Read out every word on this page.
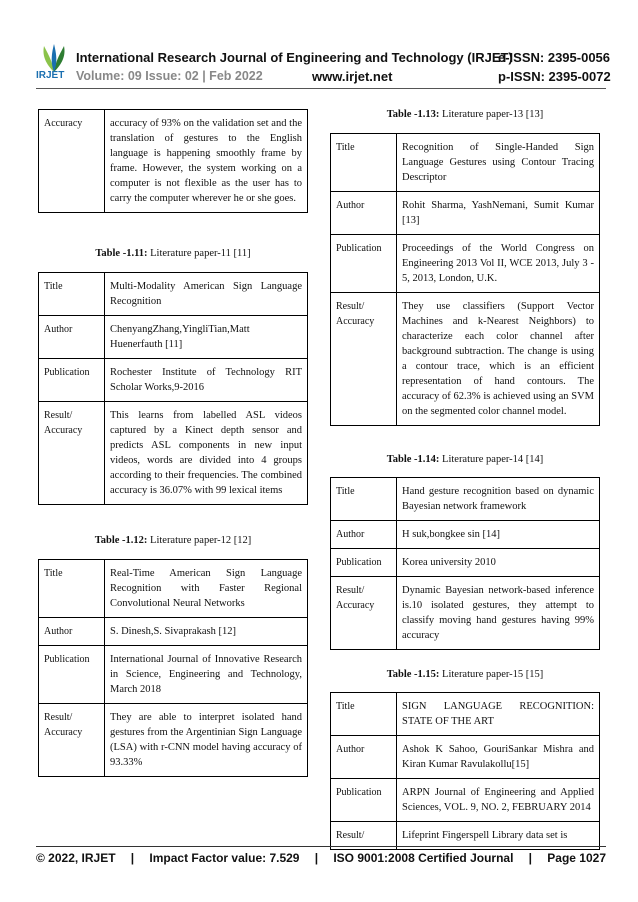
IRJET
International Research Journal of Engineering and Technology (IRJET)
e-ISSN: 2395-0056
Volume: 09 Issue: 02 | Feb 2022	www.irjet.net	p-ISSN: 2395-0072
Accuracy	accuracy of 93% on the validation set and the translation of gestures to the English language is happening smoothly frame by frame. However, the system working on a computer is not flexible as the user has to carry the computer wherever he or she goes.
Table -1.11: Literature paper-11 [11]
Title	Multi-Modality American Sign Language Recognition
Author	ChenyangZhang,YingliTian,Matt Huenerfauth [11]
Publication	Rochester Institute of Technology RIT Scholar Works,9-2016
Result/ Accuracy	This learns from labelled ASL videos captured by a Kinect depth sensor and predicts ASL components in new input videos, words are divided into 4 groups according to their frequencies. The combined accuracy is 36.07% with 99 lexical items
Table -1.12: Literature paper-12 [12]
Title	Real-Time American Sign Language Recognition with Faster Regional Convolutional Neural Networks
Author	S. Dinesh,S. Sivaprakash [12]
Publication	International Journal of Innovative Research in Science, Engineering and Technology, March 2018
Result/ Accuracy	They are able to interpret isolated hand gestures from the Argentinian Sign Language (LSA) with r-CNN model having accuracy of 93.33%
Table -1.13: Literature paper-13 [13]
Title	Recognition of Single-Handed Sign Language Gestures using Contour Tracing Descriptor
Author	Rohit Sharma, YashNemani, Sumit Kumar [13]
Publication	Proceedings of the World Congress on Engineering 2013 Vol II, WCE 2013, July 3 - 5, 2013, London, U.K.
Result/ Accuracy	They use classifiers (Support Vector Machines and k-Nearest Neighbors) to characterize each color channel after background subtraction. The change is using a contour trace, which is an efficient representation of hand contours. The accuracy of 62.3% is achieved using an SVM on the segmented color channel model.
Table -1.14: Literature paper-14 [14]
Title	Hand gesture recognition based on dynamic Bayesian network framework
Author	H suk,bongkee sin [14]
Publication	Korea university 2010
Result/ Accuracy	Dynamic Bayesian network-based inference is.10 isolated gestures, they attempt to classify moving hand gestures having 99% accuracy
Table -1.15: Literature paper-15 [15]
Title	SIGN LANGUAGE RECOGNITION: STATE OF THE ART
Author	Ashok K Sahoo, GouriSankar Mishra and Kiran Kumar Ravulakollu[15]
Publication	ARPN Journal of Engineering and Applied Sciences, VOL. 9, NO. 2, FEBRUARY 2014
Result/	Lifeprint Fingerspell Library data set is
© 2022, IRJET | Impact Factor value: 7.529 | ISO 9001:2008 Certified Journal | Page 1027
